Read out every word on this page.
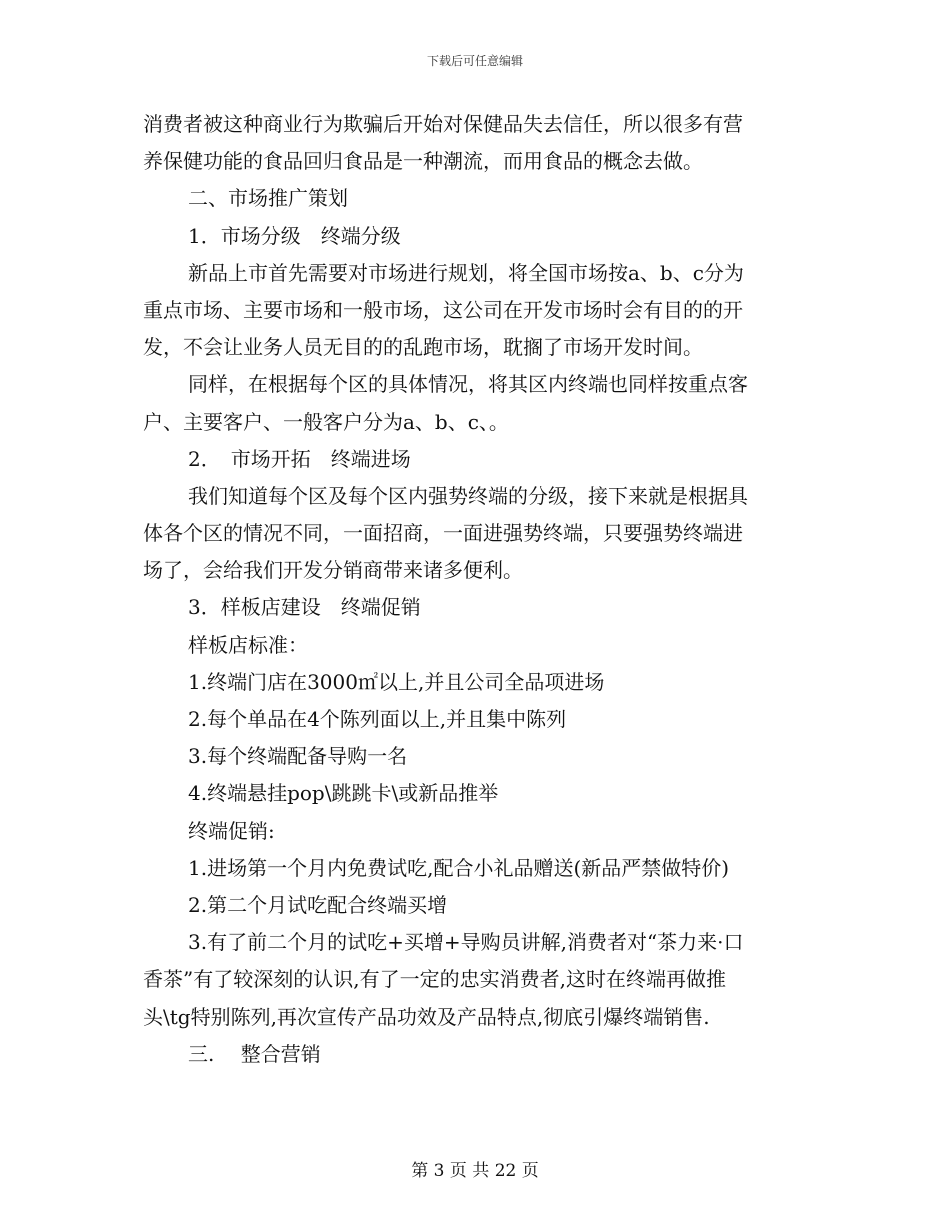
下载后可任意编辑
消费者被这种商业行为欺骗后开始对保健品失去信任，所以很多有营
养保健功能的食品回归食品是一种潮流，而用食品的概念去做。
二、市场推广策划
1．市场分级　终端分级
新品上市首先需要对市场进行规划，将全国市场按a、b、c分为
重点市场、主要市场和一般市场，这公司在开发市场时会有目的的开
发，不会让业务人员无目的的乱跑市场，耽搁了市场开发时间。
同样，在根据每个区的具体情况，将其区内终端也同样按重点客
户、主要客户、一般客户分为a、b、c、。
2．　市场开拓　终端进场
我们知道每个区及每个区内强势终端的分级，接下来就是根据具
体各个区的情况不同，一面招商，一面进强势终端，只要强势终端进
场了，会给我们开发分销商带来诸多便利。
3．样板店建设　终端促销
样板店标准：
1.终端门店在3000㎡以上,并且公司全品项进场
2.每个单品在4个陈列面以上,并且集中陈列
3.每个终端配备导购一名
4.终端悬挂pop\跳跳卡\或新品推举
终端促销:
1.进场第一个月内免费试吃,配合小礼品赠送(新品严禁做特价)
2.第二个月试吃配合终端买增
3.有了前二个月的试吃+买增+导购员讲解,消费者对“茶力来·口
香茶”有了较深刻的认识,有了一定的忠实消费者,这时在终端再做推
头\tg特别陈列,再次宣传产品功效及产品特点,彻底引爆终端销售.
三.　 整合营销
第 3 页 共 22 页
